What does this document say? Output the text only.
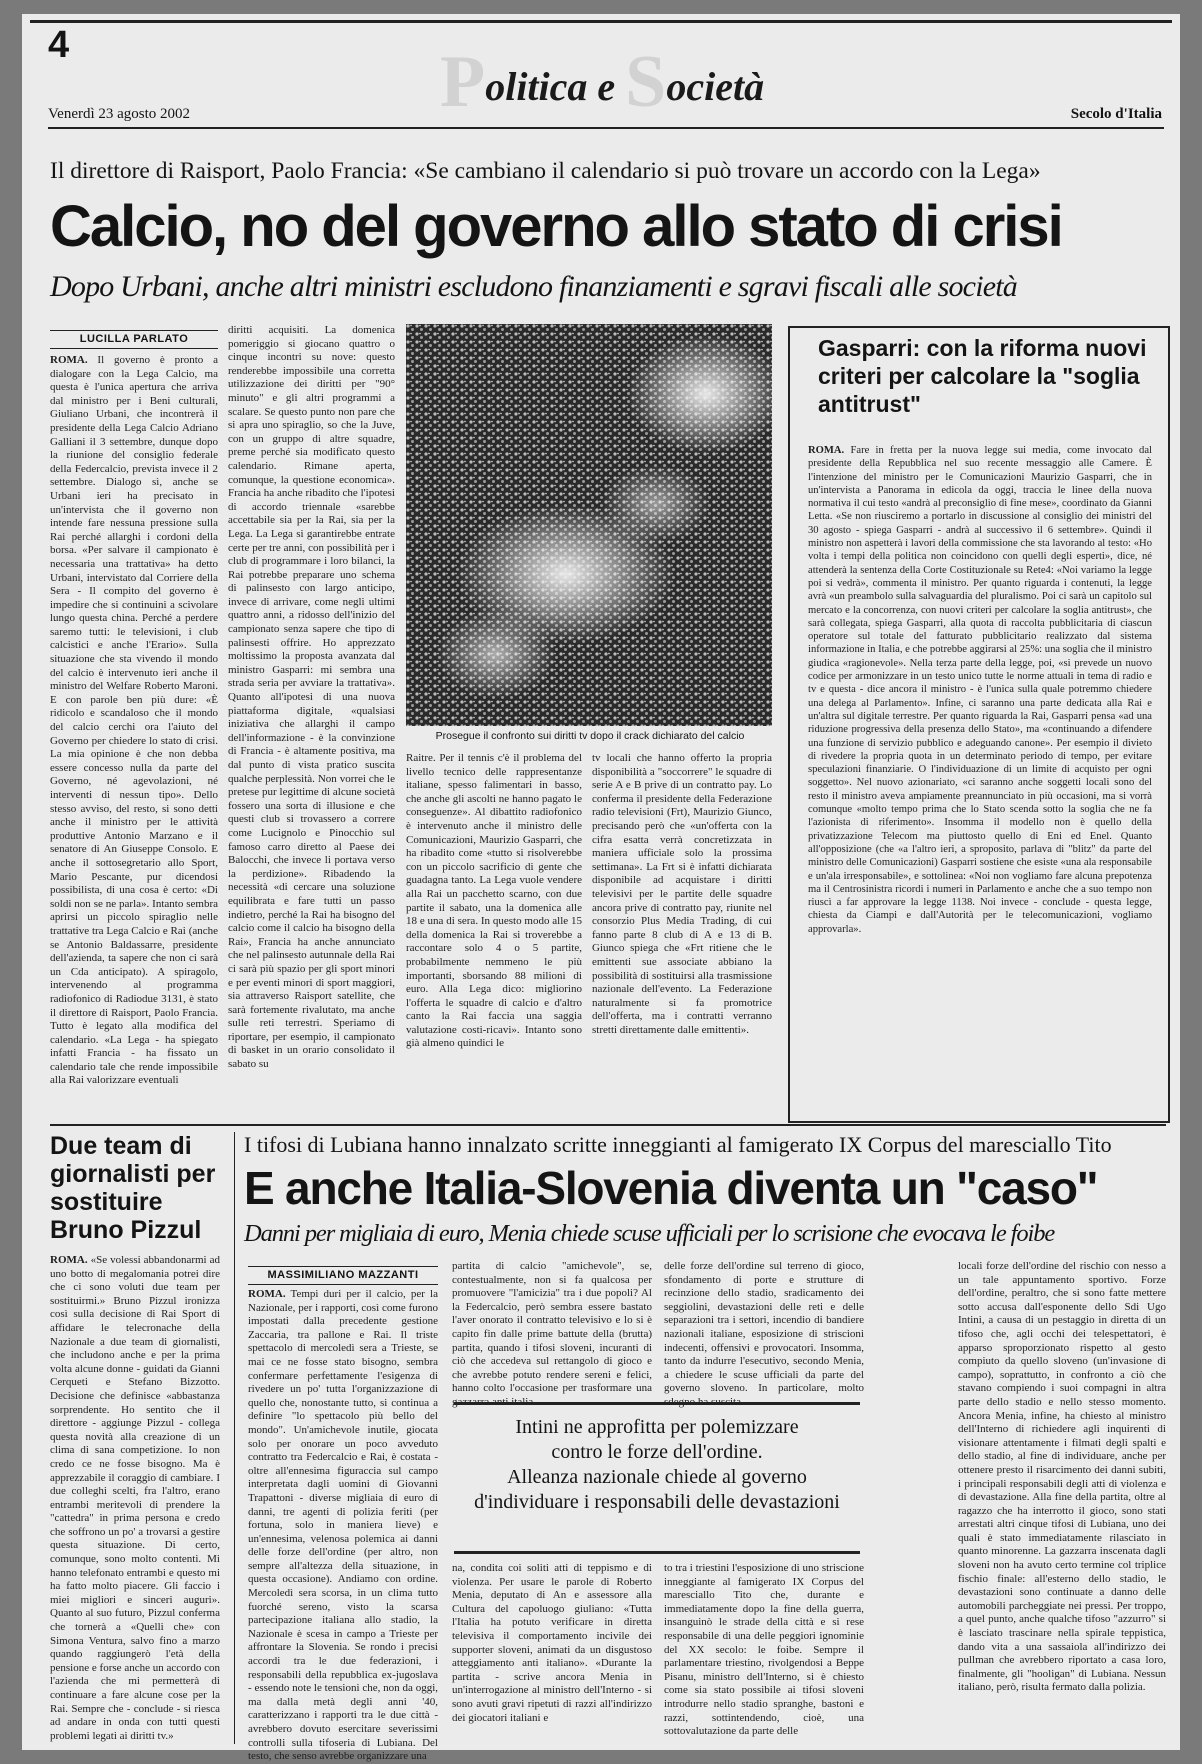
4	Politica e Società
Venerdì 23 agosto 2002	Secolo d'Italia
Il direttore di Raisport, Paolo Francia: «Se cambiano il calendario si può trovare un accordo con la Lega»
Calcio, no del governo allo stato di crisi
Dopo Urbani, anche altri ministri escludono finanziamenti e sgravi fiscali alle società
LUCILLA PARLATO
ROMA. Il governo è pronto a dialogare con la Lega Calcio, ma questa è l'unica apertura che arriva dal ministro per i Beni culturali, Giuliano Urbani, che incontrerà il presidente della Lega Calcio Adriano Galliani il 3 settembre, dunque dopo la riunione del consiglio federale della Federcalcio, prevista invece il 2 settembre. Dialogo sì, anche se Urbani ieri ha precisato in un'intervista che il governo non intende fare nessuna pressione sulla Rai perché allarghi i cordoni della borsa. «Per salvare il campionato è necessaria una trattativa» ha detto Urbani, intervistato dal Corriere della Sera - Il compito del governo è impedire che si continuini a scivolare lungo questa china. Perché a perdere saremo tutti: le televisioni, i club calcistici e anche l'Erario». Sulla situazione che sta vivendo il mondo del calcio è intervenuto ieri anche il ministro del Welfare Roberto Maroni. E con parole ben più dure: «È ridicolo e scandaloso che il mondo del calcio cerchi ora l'aiuto del Governo per chiedere lo stato di crisi. La mia opinione è che non debba essere concesso nulla da parte del Governo, né agevolazioni, né interventi di nessun tipo». Dello stesso avviso, del resto, si sono detti anche il ministro per le attività produttive Antonio Marzano e il senatore di An Giuseppe Consolo. E anche il sottosegretario allo Sport, Mario Pescante, pur dicendosi possibilista, di una cosa è certo: «Di soldi non se ne parla». Intanto sembra aprirsi un piccolo spiraglio nelle trattative tra Lega Calcio e Rai (anche se Antonio Baldassarre, presidente dell'azienda, ta sapere che non ci sarà un Cda anticipato). A spiragolo, intervenendo al programma radiofonico di Radiodue 3131, è stato il direttore di Raisport, Paolo Francia. Tutto è legato alla modifica del calendario. «La Lega - ha spiegato infatti Francia - ha fissato un calendario tale che rende impossibile alla Rai valorizzare eventuali
diritti acquisiti. La domenica pomeriggio si giocano quattro o cinque incontri su nove: questo renderebbe impossibile una corretta utilizzazione dei diritti per "90° minuto" e gli altri programmi a scalare. Se questo punto non pare che si apra uno spiraglio, so che la Juve, con un gruppo di altre squadre, preme perché sia modificato questo calendario. Rimane aperta, comunque, la questione economica». Francia ha anche ribadito che l'ipotesi di accordo triennale «sarebbe accettabile sia per la Rai, sia per la Lega. La Lega si garantirebbe entrate certe per tre anni, con possibilità per i club di programmare i loro bilanci, la Rai potrebbe preparare uno schema di palinsesto con largo anticipo, invece di arrivare, come negli ultimi quattro anni, a ridosso dell'inizio del campionato senza sapere che tipo di palinsesti offrire. Ho apprezzato moltissimo la proposta avanzata dal ministro Gasparri: mi sembra una strada seria per avviare la trattativa». Quanto all'ipotesi di una nuova piattaforma digitale, «qualsiasi iniziativa che allarghi il campo dell'informazione - è la convinzione di Francia - è altamente positiva, ma dal punto di vista pratico suscita qualche perplessità. Non vorrei che le pretese pur legittime di alcune società fossero una sorta di illusione e che questi club si trovassero a correre come Lucignolo e Pinocchio sul famoso carro diretto al Paese dei Balocchi, che invece li portava verso la perdizione». Ribadendo la necessità «di cercare una soluzione equilibrata e fare tutti un passo indietro, perché la Rai ha bisogno del calcio come il calcio ha bisogno della Rai», Francia ha anche annunciato che nel palinsesto autunnale della Rai ci sarà più spazio per gli sport minori e per eventi minori di sport maggiori, sia attraverso Raisport satellite, che sarà fortemente rivalutato, ma anche sulle reti terrestri. Speriamo di riportare, per esempio, il campionato di basket in un orario consolidato il sabato su
Prosegue il confronto sui diritti tv dopo il crack dichiarato del calcio
Raitre. Per il tennis c'è il problema del livello tecnico delle rappresentanze italiane, spesso falimentari in basso, che anche gli ascolti ne hanno pagato le conseguenze». Al dibattito radiofonico è intervenuto anche il ministro delle Comunicazioni, Maurizio Gasparri, che ha ribadito come «tutto si risolverebbe con un piccolo sacrificio di gente che guadagna tanto. La Lega vuole vendere alla Rai un pacchetto scarno, con due partite il sabato, una la domenica alle 18 e una di sera. In questo modo alle 15 della domenica la Rai si troverebbe a raccontare solo 4 o 5 partite, probabilmente nemmeno le più importanti, sborsando 88 milioni di euro. Alla Lega dico: migliorino l'offerta le squadre di calcio e d'altro canto la Rai faccia una saggia valutazione costi-ricavi». Intanto sono già almeno quindici le
tv locali che hanno offerto la propria disponibilità a "soccorrere" le squadre di serie A e B prive di un contratto pay. Lo conferma il presidente della Federazione radio televisioni (Frt), Maurizio Giunco, precisando però che «un'offerta con la cifra esatta verrà concretizzata in maniera ufficiale solo la prossima settimana». La Frt si è infatti dichiarata disponibile ad acquistare i diritti televisivi per le partite delle squadre ancora prive di contratto pay, riunite nel consorzio Plus Media Trading, di cui fanno parte 8 club di A e 13 di B. Giunco spiega che «Frt ritiene che le emittenti sue associate abbiano la possibilità di sostituirsi alla trasmissione nazionale dell'evento. La Federazione naturalmente si fa promotrice dell'offerta, ma i contratti verranno stretti direttamente dalle emittenti».
Gasparri: con la riforma nuovi criteri per calcolare la "soglia antitrust"
ROMA. Fare in fretta per la nuova legge sui media, come invocato dal presidente della Repubblica nel suo recente messaggio alle Camere. È l'intenzione del ministro per le Comunicazioni Maurizio Gasparri, che in un'intervista a Panorama in edicola da oggi, traccia le linee della nuova normativa il cui testo «andrà al preconsiglio di fine mese», coordinato da Gianni Letta. «Se non riusciremo a portarlo in discussione al consiglio dei ministri del 30 agosto - spiega Gasparri - andrà al successivo il 6 settembre». Quindi il ministro non aspetterà i lavori della commissione che sta lavorando al testo: «Ho volta i tempi della politica non coincidono con quelli degli esperti», dice, né attenderà la sentenza della Corte Costituzionale su Rete4: «Noi variamo la legge poi si vedrà», commenta il ministro. Per quanto riguarda i contenuti, la legge avrà «un preambolo sulla salvaguardia del pluralismo. Poi ci sarà un capitolo sul mercato e la concorrenza, con nuovi criteri per calcolare la soglia antitrust», che sarà collegata, spiega Gasparri, alla quota di raccolta pubblicitaria di ciascun operatore sul totale del fatturato pubblicitario realizzato dal sistema informazione in Italia, e che potrebbe aggirarsi al 25%: una soglia che il ministro giudica «ragionevole». Nella terza parte della legge, poi, «si prevede un nuovo codice per armonizzare in un testo unico tutte le norme attuali in tema di radio e tv e questa - dice ancora il ministro - è l'unica sulla quale potremmo chiedere una delega al Parlamento». Infine, ci saranno una parte dedicata alla Rai e un'altra sul digitale terrestre. Per quanto riguarda la Rai, Gasparri pensa «ad una riduzione progressiva della presenza dello Stato», ma «continuando a difendere una funzione di servizio pubblico e adeguando canone». Per esempio il divieto di rivedere la propria quota in un determinato periodo di tempo, per evitare speculazioni finanziarie. O l'individuazione di un limite di acquisto per ogni soggetto». Nel nuovo azionariato, «ci saranno anche soggetti locali sono del resto il ministro aveva ampiamente preannunciato in più occasioni, ma si vorrà comunque «molto tempo prima che lo Stato scenda sotto la soglia che ne fa l'azionista di riferimento». Insomma il modello non è quello della privatizzazione Telecom ma piuttosto quello di Eni ed Enel. Quanto all'opposizione (che «a l'altro ieri, a sproposito, parlava di "blitz" da parte del ministro delle Comunicazioni) Gasparri sostiene che esiste «una ala responsabile e un'ala irresponsabile», e sottolinea: «Noi non vogliamo fare alcuna prepotenza ma il Centrosinistra ricordi i numeri in Parlamento e anche che a suo tempo non riuscì a far approvare la legge 1138. Noi invece - conclude - questa legge, chiesta da Ciampi e dall'Autorità per le telecomunicazioni, vogliamo approvarla».
Due team di giornalisti per sostituire Bruno Pizzul
ROMA. «Se volessi abbandonarmi ad uno botto di megalomania potrei dire che ci sono voluti due team per sostituirmi.» Bruno Pizzul ironizza così sulla decisione di Rai Sport di affidare le telecronache della Nazionale a due team di giornalisti, che includono anche e per la prima volta alcune donne - guidati da Gianni Cerqueti e Stefano Bizzotto. Decisione che definisce «abbastanza sorprendente. Ho sentito che il direttore - aggiunge Pizzul - collega questa novità alla creazione di un clima di sana competizione. Io non credo ce ne fosse bisogno. Ma è apprezzabile il coraggio di cambiare. I due colleghi scelti, fra l'altro, erano entrambi meritevoli di prendere la "cattedra" in prima persona e credo che soffrono un po' a trovarsi a gestire questa situazione. Di certo, comunque, sono molto contenti. Mi hanno telefonato entrambi e questo mi ha fatto molto piacere. Gli faccio i miei migliori e sinceri auguri». Quanto al suo futuro, Pizzul conferma che tornerà a «Quelli che» con Simona Ventura, salvo fino a marzo quando raggiungerò l'età della pensione e forse anche un accordo con l'azienda che mi permetterà di continuare a fare alcune cose per la Rai. Sempre che - conclude - si riesca ad andare in onda con tutti questi problemi legati ai diritti tv.»
I tifosi di Lubiana hanno innalzato scritte inneggianti al famigerato IX Corpus del maresciallo Tito
E anche Italia-Slovenia diventa un "caso"
Danni per migliaia di euro, Menia chiede scuse ufficiali per lo scrisione che evocava le foibe
MASSIMILIANO MAZZANTI
ROMA. Tempi duri per il calcio, per la Nazionale, per i rapporti, così come furono impostati dalla precedente gestione Zaccaria, tra pallone e Rai. Il triste spettacolo di mercoledì sera a Trieste, se mai ce ne fosse stato bisogno, sembra confermare perfettamente l'esigenza di rivedere un po' tutta l'organizzazione di quello che, nonostante tutto, si continua a definire "lo spettacolo più bello del mondo". Un'amichevole inutile, giocata solo per onorare un poco avveduto contratto tra Federcalcio e Rai, è costata - oltre all'ennesima figuraccia sul campo interpretata dagli uomini di Giovanni Trapattoni - diverse migliaia di euro di danni, tre agenti di polizia feriti (per fortuna, solo in maniera lieve) e un'ennesima, velenosa polemica ai danni delle forze dell'ordine (per altro, non sempre all'altezza della situazione, in questa occasione). Andiamo con ordine. Mercoledì sera scorsa, in un clima tutto fuorché sereno, visto la scarsa partecipazione italiana allo stadio, la Nazionale è scesa in campo a Trieste per affrontare la Slovenia. Se rondo i precisi accordi tra le due federazioni, i responsabili della repubblica ex-jugoslava - essendo note le tensioni che, non da oggi, ma dalla metà degli anni '40, caratterizzano i rapporti tra le due città - avrebbero dovuto esercitare severissimi controlli sulla tifoseria di Lubiana. Del testo, che senso avrebbe organizzare una
partita di calcio "amichevole", se, contestualmente, non si fa qualcosa per promuovere "l'amicizia" tra i due popoli? Al la Federcalcio, però sembra essere bastato l'aver onorato il contratto televisivo e lo si è capito fin dalle prime battute della (brutta) partita, quando i tifosi sloveni, incuranti di ciò che accedeva sul rettangolo di gioco e che avrebbe potuto rendere sereni e felici, hanno colto l'occasione per trasformare una gazzarra anti italia
delle forze dell'ordine sul terreno di gioco, sfondamento di porte e strutture di recinzione dello stadio, sradicamento dei seggiolini, devastazioni delle reti e delle separazioni tra i settori, incendio di bandiere nazionali italiane, esposizione di striscioni indecenti, offensivi e provocatori. Insomma, tanto da indurre l'esecutivo, secondo Menia, a chiedere le scuse ufficiali da parte del governo sloveno. In particolare, molto sdegno ha suscita-
Intini ne approfitta per polemizzare
contro le forze dell'ordine.
Alleanza nazionale chiede al governo
d'individuare i responsabili delle devastazioni
na, condita coi soliti atti di teppismo e di violenza. Per usare le parole di Roberto Menia, deputato di An e assessore alla Cultura del capoluogo giuliano: «Tutta l'Italia ha potuto verificare in diretta televisiva il comportamento incivile dei supporter sloveni, animati da un disgustoso atteggiamento anti italiano». «Durante la partita - scrive ancora Menia in un'interrogazione al ministro dell'Interno - si sono avuti gravi ripetuti di razzi all'indirizzo dei giocatori italiani e
to tra i triestini l'esposizione di uno striscione inneggiante al famigerato IX Corpus del maresciallo Tito che, durante e immediatamente dopo la fine della guerra, insanguinò le strade della città e si rese responsabile di una delle peggiori ignominie del XX secolo: le foibe. Sempre il parlamentare triestino, rivolgendosi a Beppe Pisanu, ministro dell'Interno, si è chiesto come sia stato possibile ai tifosi sloveni introdurre nello stadio spranghe, bastoni e razzi, sottintendendo, cioè, una sottovalutazione da parte delle
locali forze dell'ordine del rischio con nesso a un tale appuntamento sportivo. Forze dell'ordine, peraltro, che si sono fatte mettere sotto accusa dall'esponente dello Sdi Ugo Intini, a causa di un pestaggio in diretta di un tifoso che, agli occhi dei telespettatori, è apparso sproporzionato rispetto al gesto compiuto da quello sloveno (un'invasione di campo), soprattutto, in confronto a ciò che stavano compiendo i suoi compagni in altra parte dello stadio e nello stesso momento. Ancora Menia, infine, ha chiesto al ministro dell'Interno di richiedere agli inquirenti di visionare attentamente i filmati degli spalti e dello stadio, al fine di individuare, anche per ottenere presto il risarcimento dei danni subiti, i principali responsabili degli atti di violenza e di devastazione. Alla fine della partita, oltre al ragazzo che ha interrotto il gioco, sono stati arrestati altri cinque tifosi di Lubiana, uno dei quali è stato immediatamente rilasciato in quanto minorenne. La gazzarra inscenata dagli sloveni non ha avuto certo termine col triplice fischio finale: all'esterno dello stadio, le devastazioni sono continuate a danno delle automobili parcheggiate nei pressi. Per troppo, a quel punto, anche qualche tifoso "azzurro" si è lasciato trascinare nella spirale teppistica, dando vita a una sassaiola all'indirizzo dei pullman che avrebbero riportato a casa loro, finalmente, gli "hooligan" di Lubiana. Nessun italiano, però, risulta fermato dalla polizia.
